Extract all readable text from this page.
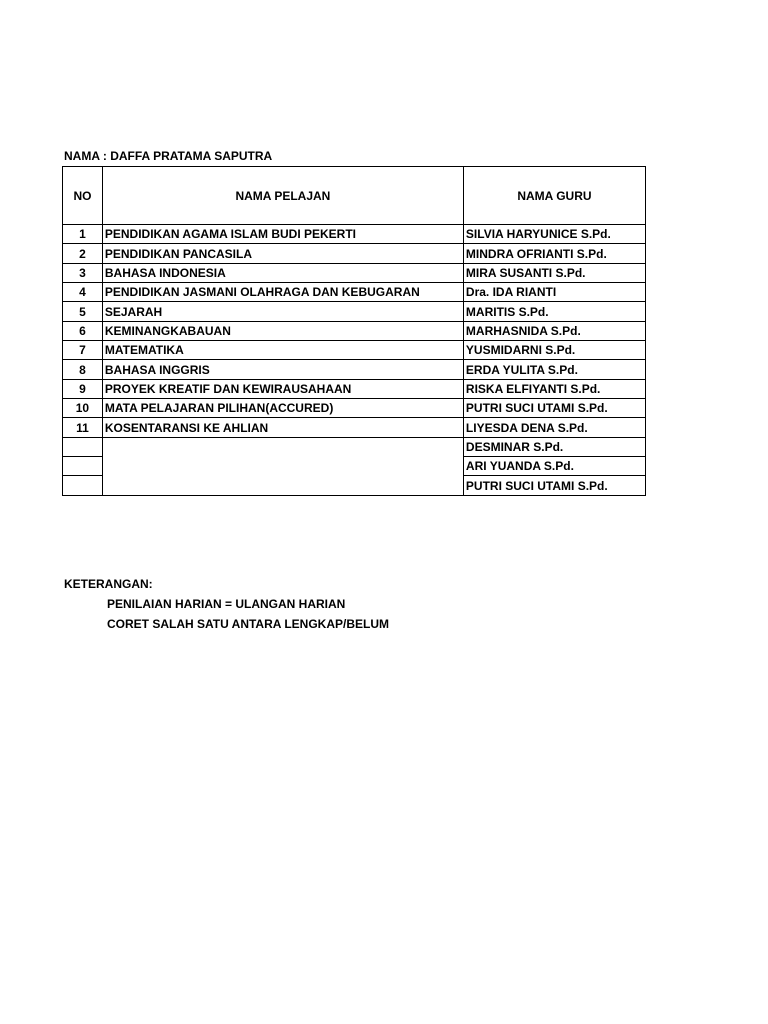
NAMA : DAFFA PRATAMA SAPUTRA
NO	NAMA PELAJAN	NAMA GURU
1	PENDIDIKAN AGAMA ISLAM BUDI PEKERTI	SILVIA HARYUNICE S.Pd.
2	PENDIDIKAN PANCASILA	MINDRA OFRIANTI S.Pd.
3	BAHASA INDONESIA	MIRA SUSANTI S.Pd.
4	PENDIDIKAN JASMANI OLAHRAGA DAN KEBUGARAN	Dra. IDA RIANTI
5	SEJARAH	MARITIS S.Pd.
6	KEMINANGKABAUAN	MARHASNIDA S.Pd.
7	MATEMATIKA	YUSMIDARNI S.Pd.
8	BAHASA INGGRIS	ERDA YULITA S.Pd.
9	PROYEK KREATIF DAN KEWIRAUSAHAAN	RISKA ELFIYANTI S.Pd.
10	MATA PELAJARAN PILIHAN(ACCURED)	PUTRI SUCI UTAMI S.Pd.
11	KOSENTARANSI KE AHLIAN	LIYESDA DENA S.Pd.
		DESMINAR S.Pd.
		ARI YUANDA S.Pd.
		PUTRI SUCI UTAMI S.Pd.
KETERANGAN:
PENILAIAN HARIAN = ULANGAN HARIAN
CORET SALAH SATU ANTARA LENGKAP/BELUM
